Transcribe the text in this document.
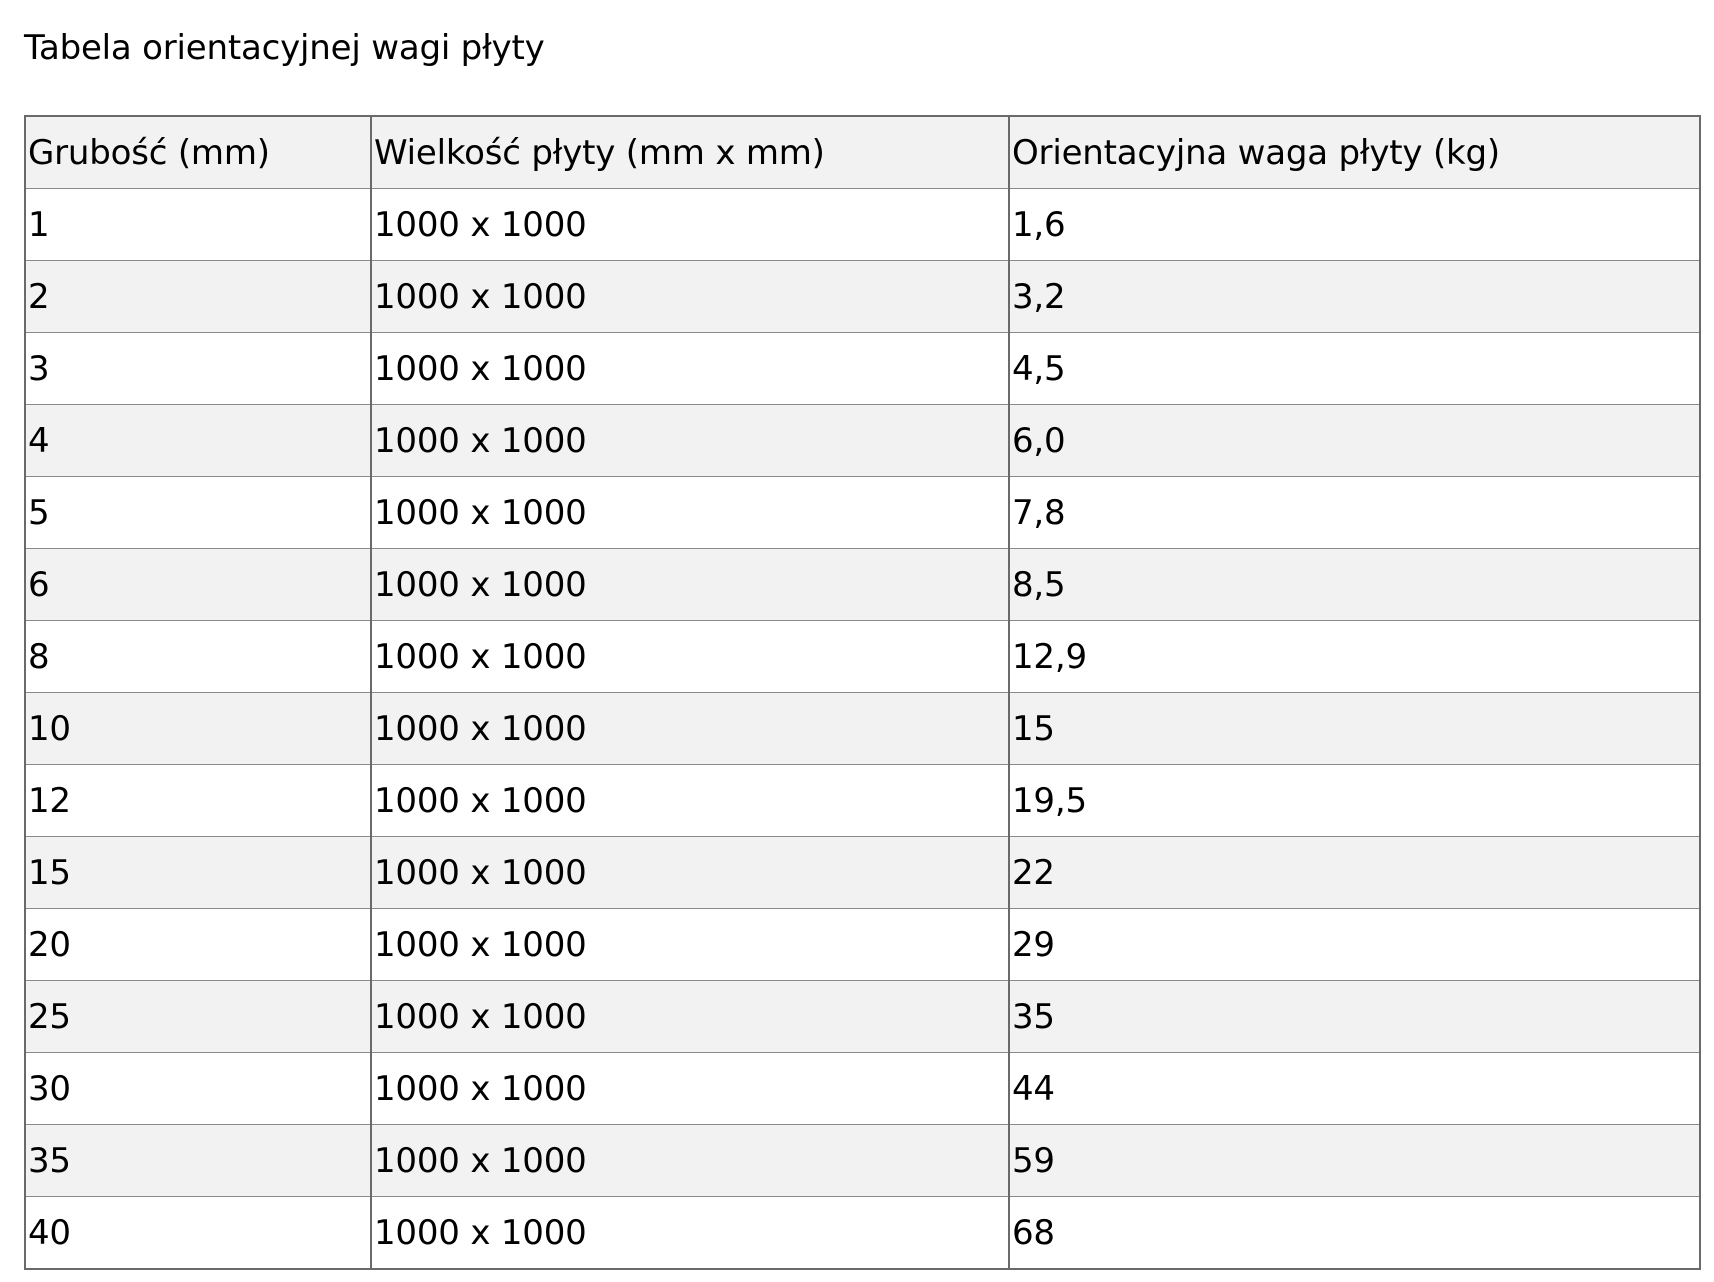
Tabela orientacyjnej wagi płyty
Grubość (mm)	Wielkość płyty (mm x mm)	Orientacyjna waga płyty (kg)
1	1000 x 1000	1,6
2	1000 x 1000	3,2
3	1000 x 1000	4,5
4	1000 x 1000	6,0
5	1000 x 1000	7,8
6	1000 x 1000	8,5
8	1000 x 1000	12,9
10	1000 x 1000	15
12	1000 x 1000	19,5
15	1000 x 1000	22
20	1000 x 1000	29
25	1000 x 1000	35
30	1000 x 1000	44
35	1000 x 1000	59
40	1000 x 1000	68
